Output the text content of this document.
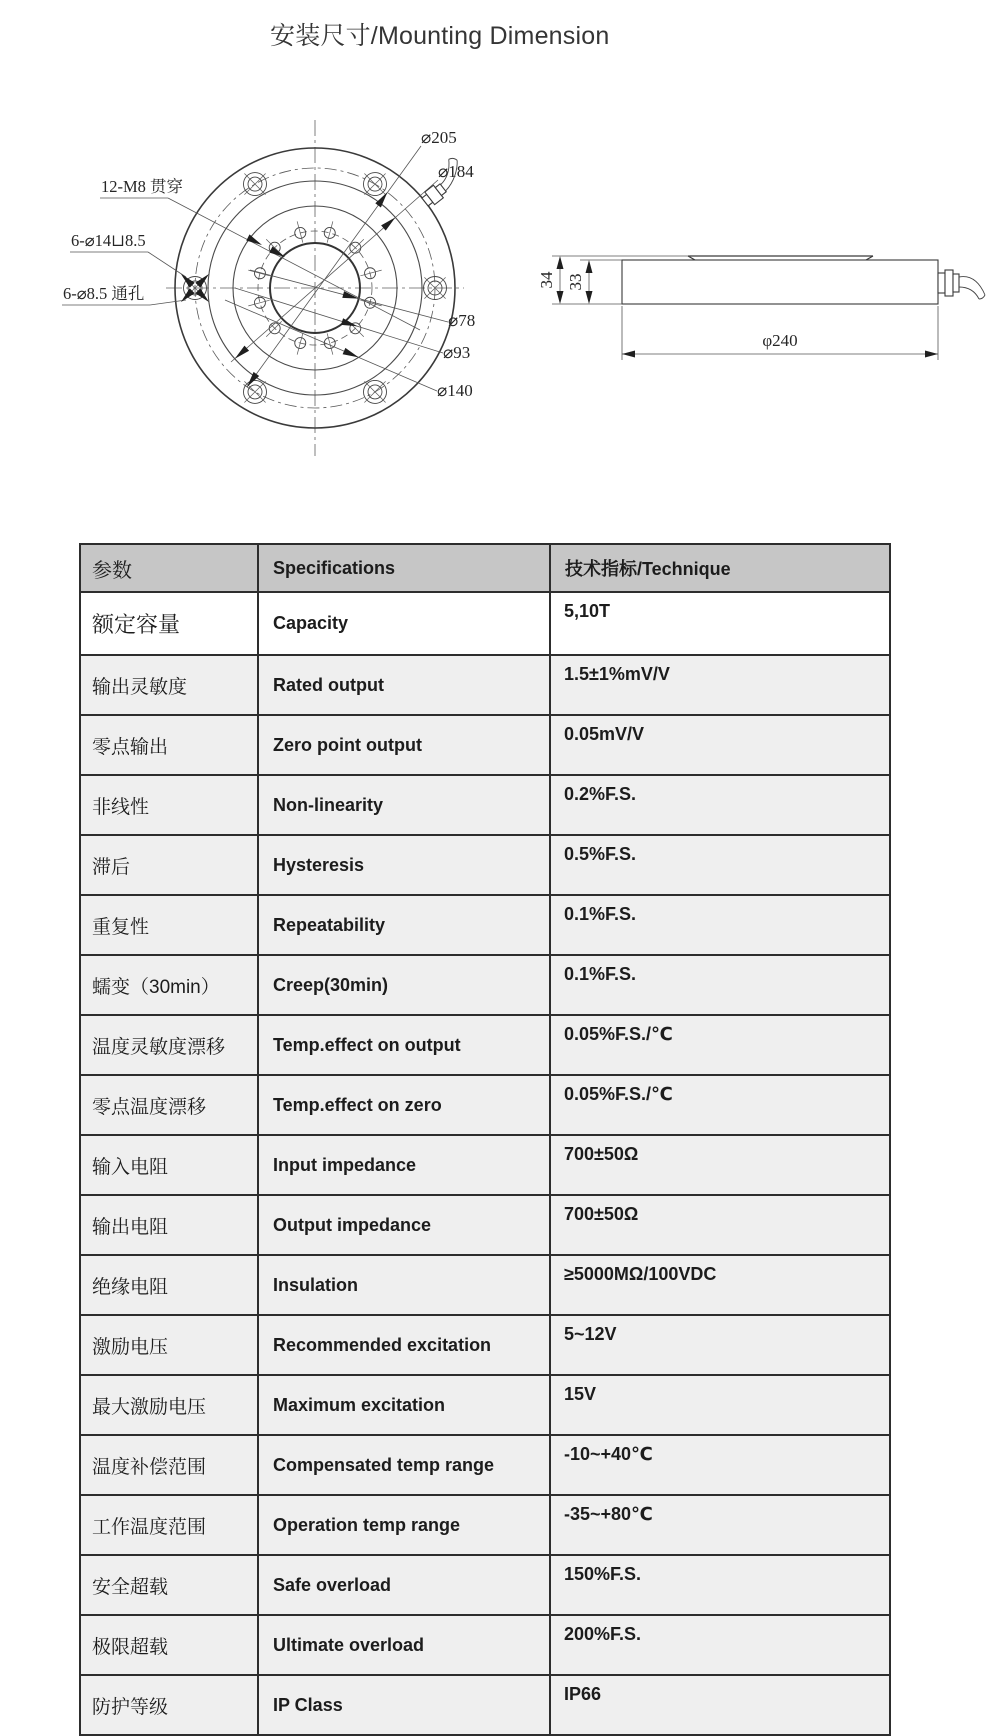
安装尺寸/Mounting Dimension
⌀205
⌀184
⌀78
⌀93
⌀140
12-M8 贯穿
6-⌀14⊔8.5
6-⌀8.5 通孔
34 33
φ240
参数	Specifications	技术指标/Technique
额定容量	Capacity	5,10T
输出灵敏度	Rated output	1.5±1%mV/V
零点输出	Zero point output	0.05mV/V
非线性	Non-linearity	0.2%F.S.
滞后	Hysteresis	0.5%F.S.
重复性	Repeatability	0.1%F.S.
蠕变（30min）	Creep(30min)	0.1%F.S.
温度灵敏度漂移	Temp.effect on output	0.05%F.S./℃
零点温度漂移	Temp.effect on zero	0.05%F.S./℃
输入电阻	Input impedance	700±50Ω
输出电阻	Output impedance	700±50Ω
绝缘电阻	Insulation	≥5000MΩ/100VDC
激励电压	Recommended excitation	5~12V
最大激励电压	Maximum excitation	15V
温度补偿范围	Compensated temp range	-10~+40℃
工作温度范围	Operation temp range	-35~+80℃
安全超载	Safe overload	150%F.S.
极限超载	Ultimate overload	200%F.S.
防护等级	IP Class	IP66
